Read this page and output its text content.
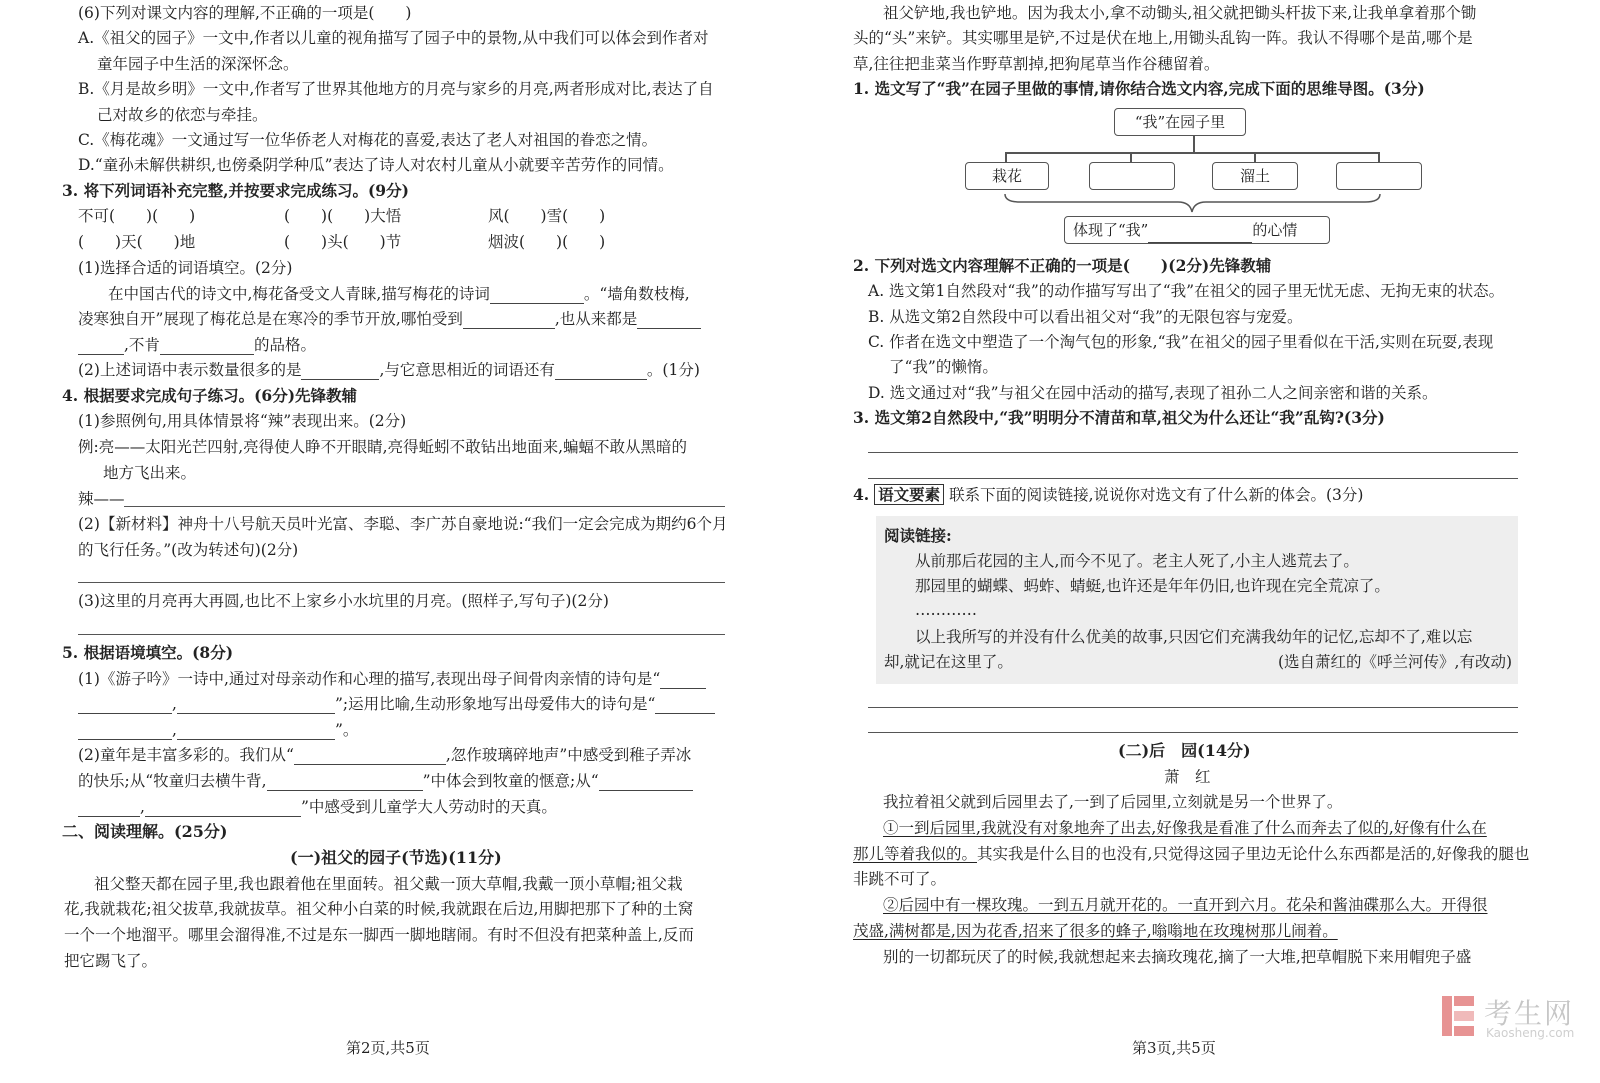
(6)下列对课文内容的理解,不正确的一项是(　　)
A.《祖父的园子》一文中,作者以儿童的视角描写了园子中的景物,从中我们可以体会到作者对
童年园子中生活的深深怀念。
B.《月是故乡明》一文中,作者写了世界其他地方的月亮与家乡的月亮,两者形成对比,表达了自
己对故乡的依恋与牵挂。
C.《梅花魂》一文通过写一位华侨老人对梅花的喜爱,表达了老人对祖国的眷恋之情。
D.“童孙未解供耕织,也傍桑阴学种瓜”表达了诗人对农村儿童从小就要辛苦劳作的同情。
3. 将下列词语补充完整,并按要求完成练习。(9分)
不可(　　)(　　)	(　　)(　　)大悟	风(　　)雪(　　)
(　　)天(　　)地	(　　)头(　　)节	烟波(　　)(　　)
(1)选择合适的词语填空。(2分)
在中国古代的诗文中,梅花备受文人青睐,描写梅花的诗词	。“墙角数枝梅,
凌寒独自开”展现了梅花总是在寒冷的季节开放,哪怕受到	,也从来都是
,不肯	的品格。
(2)上述词语中表示数量很多的是	,与它意思相近的词语还有	。(1分)
4. 根据要求完成句子练习。(6分)先锋教辅
(1)参照例句,用具体情景将“辣”表现出来。(2分)
例:亮——太阳光芒四射,亮得使人睁不开眼睛,亮得蚯蚓不敢钻出地面来,蝙蝠不敢从黑暗的
地方飞出来。
辣——
(2)【新材料】神舟十八号航天员叶光富、李聪、李广苏自豪地说:“我们一定会完成为期约6个月
的飞行任务。”(改为转述句)(2分)
(3)这里的月亮再大再圆,也比不上家乡小水坑里的月亮。(照样子,写句子)(2分)
5. 根据语境填空。(8分)
(1)《游子吟》一诗中,通过对母亲动作和心理的描写,表现出母子间骨肉亲情的诗句是“
,	”;运用比喻,生动形象地写出母爱伟大的诗句是“
,	”。
(2)童年是丰富多彩的。我们从“	,忽作玻璃碎地声”中感受到稚子弄冰
的快乐;从“牧童归去横牛背,	”中体会到牧童的惬意;从“
,	”中感受到儿童学大人劳动时的天真。
二、阅读理解。(25分)
(一)祖父的园子(节选)(11分)
祖父整天都在园子里,我也跟着他在里面转。祖父戴一顶大草帽,我戴一顶小草帽;祖父栽
花,我就栽花;祖父拔草,我就拔草。祖父种小白菜的时候,我就跟在后边,用脚把那下了种的土窝
一个一个地溜平。哪里会溜得准,不过是东一脚西一脚地瞎闹。有时不但没有把菜种盖上,反而
把它踢飞了。
第2页,共5页
祖父铲地,我也铲地。因为我太小,拿不动锄头,祖父就把锄头杆拔下来,让我单拿着那个锄
头的“头”来铲。其实哪里是铲,不过是伏在地上,用锄头乱钩一阵。我认不得哪个是苗,哪个是
草,往往把韭菜当作野草割掉,把狗尾草当作谷穗留着。
1. 选文写了“我”在园子里做的事情,请你结合选文内容,完成下面的思维导图。(3分)
“我”在园子里
栽花	溜土
体现了“我”	的心情
2. 下列对选文内容理解不正确的一项是(　　)(2分)先锋教辅
A. 选文第1自然段对“我”的动作描写写出了“我”在祖父的园子里无忧无虑、无拘无束的状态。
B. 从选文第2自然段中可以看出祖父对“我”的无限包容与宠爱。
C. 作者在选文中塑造了一个淘气包的形象,“我”在祖父的园子里看似在干活,实则在玩耍,表现
了“我”的懒惰。
D. 选文通过对“我”与祖父在园中活动的描写,表现了祖孙二人之间亲密和谐的关系。
3. 选文第2自然段中,“我”明明分不清苗和草,祖父为什么还让“我”乱钩?(3分)
4. 语文要素 联系下面的阅读链接,说说你对选文有了什么新的体会。(3分)
阅读链接:
从前那后花园的主人,而今不见了。老主人死了,小主人逃荒去了。
那园里的蝴蝶、蚂蚱、蜻蜓,也许还是年年仍旧,也许现在完全荒凉了。
…………
以上我所写的并没有什么优美的故事,只因它们充满我幼年的记忆,忘却不了,难以忘
却,就记在这里了。	(选自萧红的《呼兰河传》,有改动)
(二)后　园(14分)
萧　红
我拉着祖父就到后园里去了,一到了后园里,立刻就是另一个世界了。
①一到后园里,我就没有对象地奔了出去,好像我是看准了什么而奔去了似的,好像有什么在
那儿等着我似的。其实我是什么目的也没有,只觉得这园子里边无论什么东西都是活的,好像我的腿也
非跳不可了。
②后园中有一棵玫瑰。一到五月就开花的。一直开到六月。花朵和酱油碟那么大。开得很
茂盛,满树都是,因为花香,招来了很多的蜂子,嗡嗡地在玫瑰树那儿闹着。
别的一切都玩厌了的时候,我就想起来去摘玫瑰花,摘了一大堆,把草帽脱下来用帽兜子盛
第3页,共5页
考生网
Kaosheng.com
